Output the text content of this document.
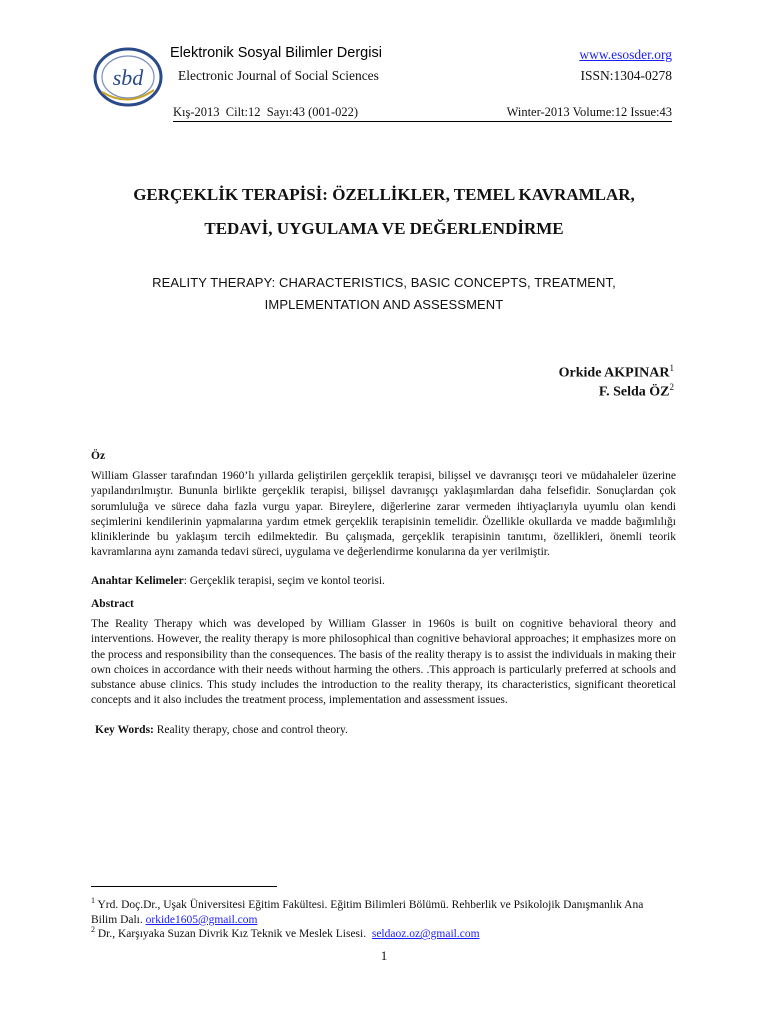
sbd
Elektronik Sosyal Bilimler Dergisi
Electronic Journal of Social Sciences
www.esosder.org
ISSN:1304-0278
Kış-2013  Cilt:12  Sayı:43 (001-022)	Winter-2013 Volume:12 Issue:43
GERÇEKLİK TERAPİSİ: ÖZELLİKLER, TEMEL KAVRAMLAR,
TEDAVİ, UYGULAMA VE DEĞERLENDİRME
REALITY THERAPY: CHARACTERISTICS, BASIC CONCEPTS, TREATMENT,
IMPLEMENTATION AND ASSESSMENT
Orkide AKPINAR$^1$
F. Selda $ÖZ^2$
Öz
William Glasser tarafından 1960’lı yıllarda geliştirilen gerçeklik terapisi, bilişsel ve davranışçı teori ve müdahaleler üzerine yapılandırılmıştır. Bununla birlikte gerçeklik terapisi, bilişsel davranışçı yaklaşımlardan daha felsefidir. Sonuçlardan çok sorumluluğa ve sürece daha fazla vurgu yapar. Bireylere, diğerlerine zarar vermeden ihtiyaçlarıyla uyumlu olan kendi seçimlerini kendilerinin yapmalarına yardım etmek gerçeklik terapisinin temelidir. Özellikle okullarda ve madde bağımlılığı kliniklerinde bu yaklaşım tercih edilmektedir. Bu çalışmada, gerçeklik terapisinin tanıtımı, özellikleri, önemli teorik kavramlarına aynı zamanda tedavi süreci, uygulama ve değerlendirme konularına da yer verilmiştir.
Anahtar Kelimeler: Gerçeklik terapisi, seçim ve kontol teorisi.
Abstract
The Reality Therapy which was developed by William Glasser in 1960s is built on cognitive behavioral theory and interventions. However, the reality therapy is more philosophical than cognitive behavioral approaches; it emphasizes more on the process and responsibility than the consequences. The basis of the reality therapy is to assist the individuals in making their own choices in accordance with their needs without harming the others. .This approach is particularly preferred at schools and substance abuse clinics. This study includes the introduction to the reality therapy, its characteristics, significant theoretical concepts and it also includes the treatment process, implementation and assessment issues.
Key Words: Reality therapy, chose and control theory.
$^1$ Yrd. Doç.Dr., Uşak Üniversitesi Eğitim Fakültesi. Eğitim Bilimleri Bölümü. Rehberlik ve Psikolojik Danışmanlık Ana Bilim Dalı. orkide1605@gmail.com
$^2$ Dr., Karşıyaka Suzan Divrik Kız Teknik ve Meslek Lisesi.  seldaoz.oz@gmail.com
1
